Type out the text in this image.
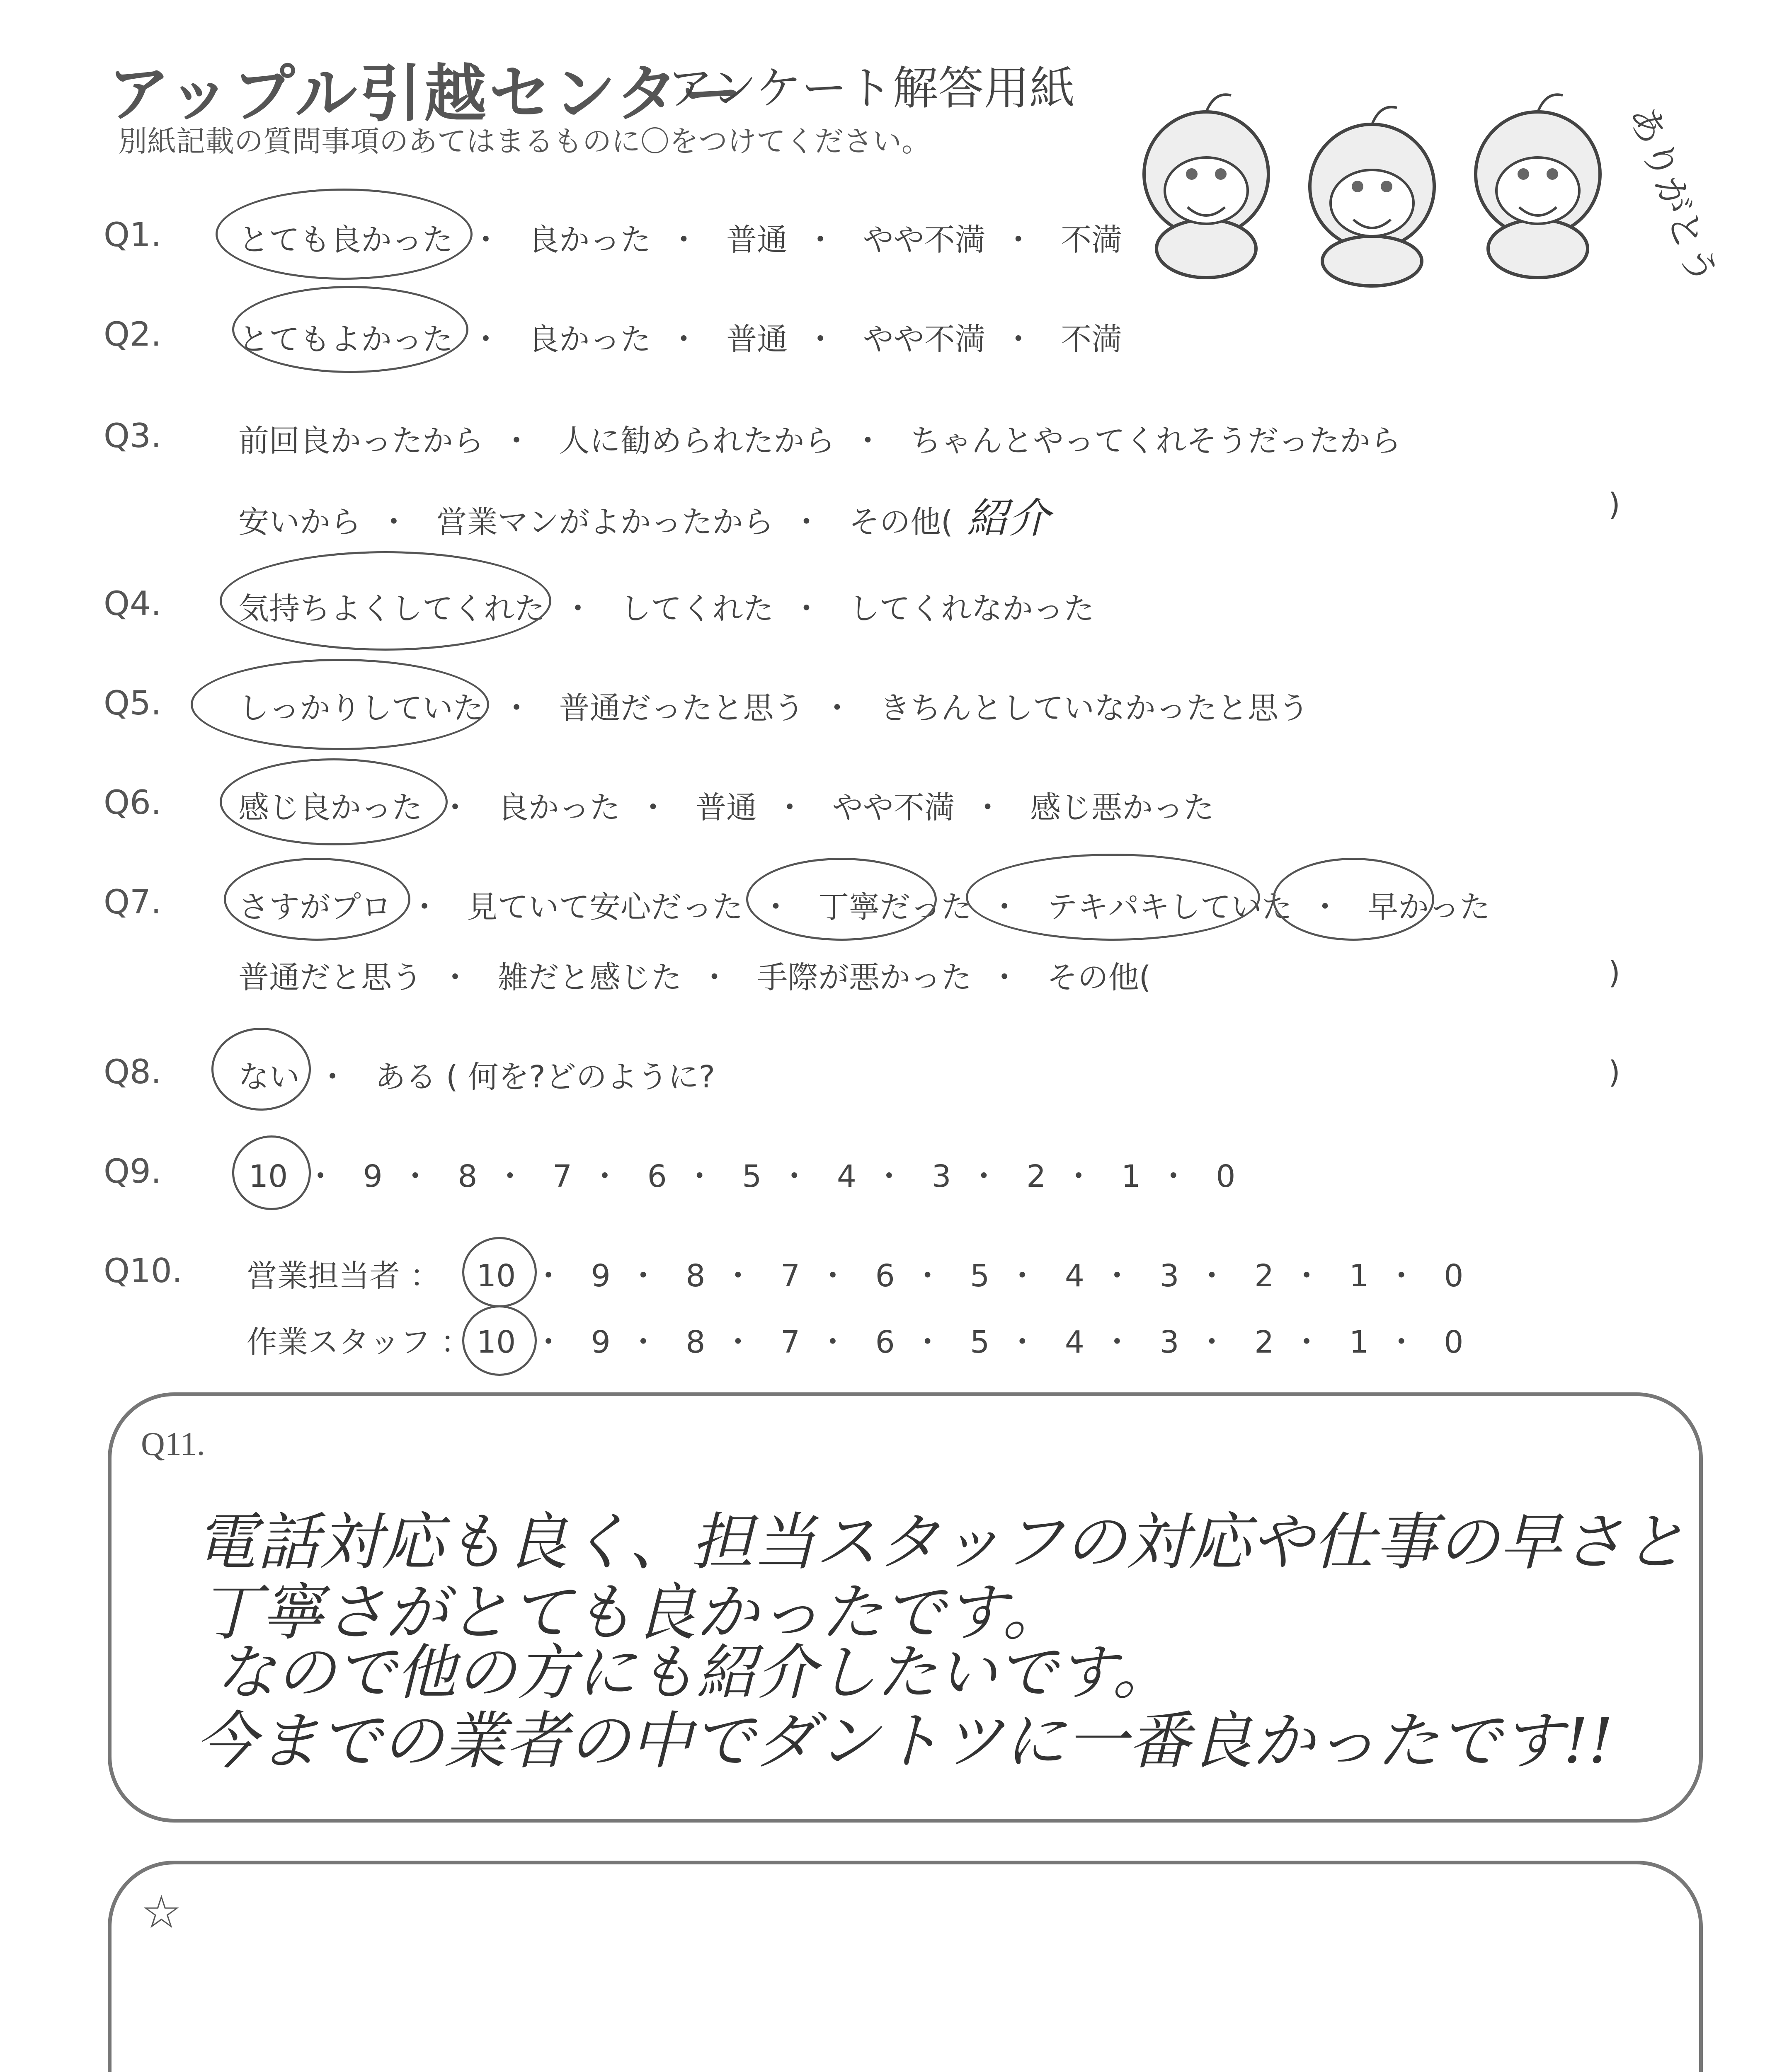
アップル引越センター
アンケート解答用紙
別紙記載の質問事項のあてはまるものに〇をつけてください。	ありがとう
Q1.	とても良かった ・ 良かった ・ 普通 ・ やや不満 ・ 不満
Q2.	とてもよかった ・ 良かった ・ 普通 ・ やや不満 ・ 不満
Q3.	前回良かったから ・ 人に勧められたから ・ ちゃんとやってくれそうだったから
安いから ・ 営業マンがよかったから ・ その他( 紹介	)
Q4.	気持ちよくしてくれた ・ してくれた ・ してくれなかった
Q5.	しっかりしていた ・ 普通だったと思う ・ きちんとしていなかったと思う
Q6.	感じ良かった ・ 良かった ・ 普通 ・ やや不満 ・ 感じ悪かった
Q7.	さすがプロ ・ 見ていて安心だった ・ 丁寧だった ・ テキパキしていた ・ 早かった
普通だと思う ・ 雑だと感じた ・ 手際が悪かった ・ その他(	)
Q8.	ない ・ ある ( 何を?どのように?	)
Q9.	10 ・ 9 ・ 8 ・ 7 ・ 6 ・ 5 ・ 4 ・ 3 ・ 2 ・ 1 ・ 0
Q10. 営業担当者 ： 10 ・ 9 ・ 8 ・ 7 ・ 6 ・ 5 ・ 4 ・ 3 ・ 2 ・ 1 ・ 0
作業スタッフ ： 10 ・ 9 ・ 8 ・ 7 ・ 6 ・ 5 ・ 4 ・ 3 ・ 2 ・ 1 ・ 0
Q11.
電話対応も良く、担当スタッフの対応や仕事の早さと
丁寧さがとても良かったです。
なので他の方にも紹介したいです。
今までの業者の中でダントツに一番良かったです!!
☆
